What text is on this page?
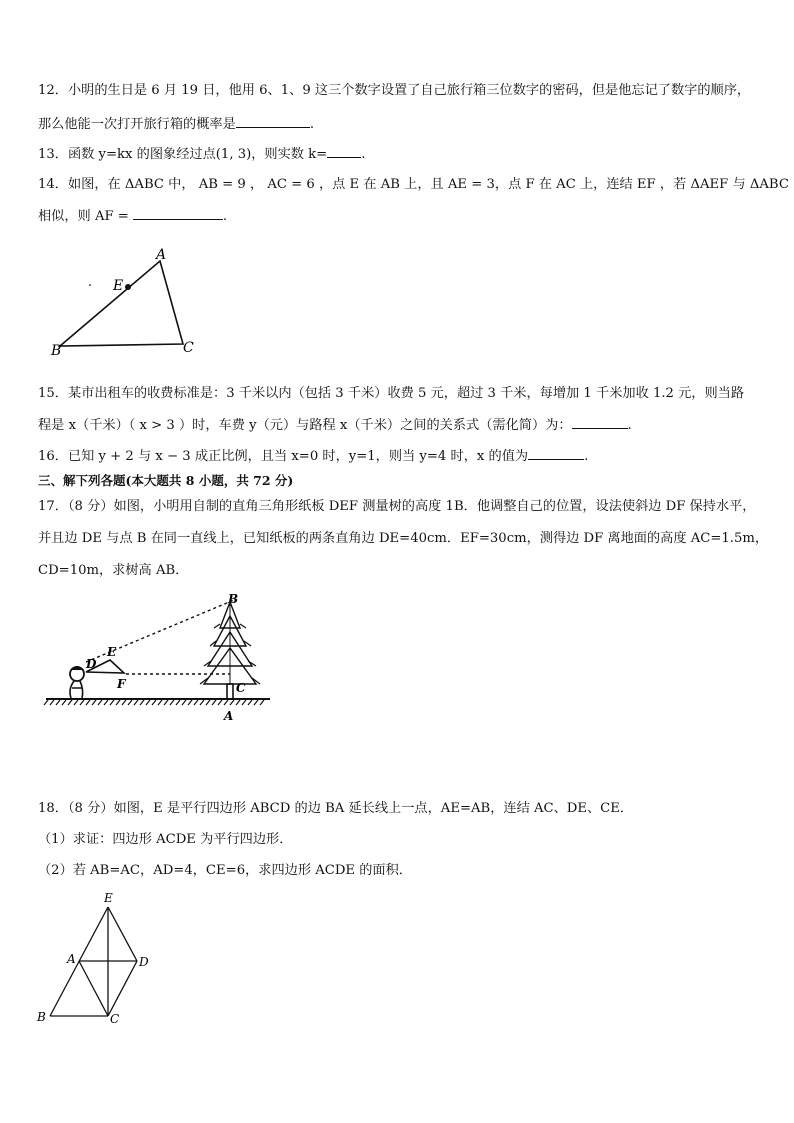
12．小明的生日是 6 月 19 日，他用 6、1、9 这三个数字设置了自己旅行箱三位数字的密码，但是他忘记了数字的顺序，
那么他能一次打开旅行箱的概率是	.
13．函数 y=kx 的图象经过点(1, 3)，则实数 k=	.
14．如图，在 ΔABC 中， AB = 9 ， AC = 6 ，点 E 在 AB 上，且 AE = 3，点 F 在 AC 上，连结 EF ，若 ΔAEF 与 ΔABC
相似，则 AF =	.
A
B	C
E
15．某市出租车的收费标准是：3 千米以内（包括 3 千米）收费 5 元，超过 3 千米，每增加 1 千米加收 1.2 元，则当路
程是 x（千米）（ x > 3 ）时，车费 y（元）与路程 x（千米）之间的关系式（需化简）为：	.
16．已知 y + 2 与 x − 3 成正比例，且当 x=0 时，y=1，则当 y=4 时，x 的值为	.
三、解下列各题(本大题共 8 小题，共 72 分)
17．（8 分）如图，小明用自制的直角三角形纸板 DEF 测量树的高度 1B．他调整自己的位置，设法使斜边 DF 保持水平，
并且边 DE 与点 B 在同一直线上，已知纸板的两条直角边 DE=40cm．EF=30cm，测得边 DF 离地面的高度 AC=1.5m，
CD=10m，求树高 AB．
B
D
E
F	C
A
18．（8 分）如图，E 是平行四边形 ABCD 的边 BA 延长线上一点，AE=AB，连结 AC、DE、CE．
（1）求证：四边形 ACDE 为平行四边形．
（2）若 AB=AC，AD=4，CE=6，求四边形 ACDE 的面积．
E
A	D
B	C
